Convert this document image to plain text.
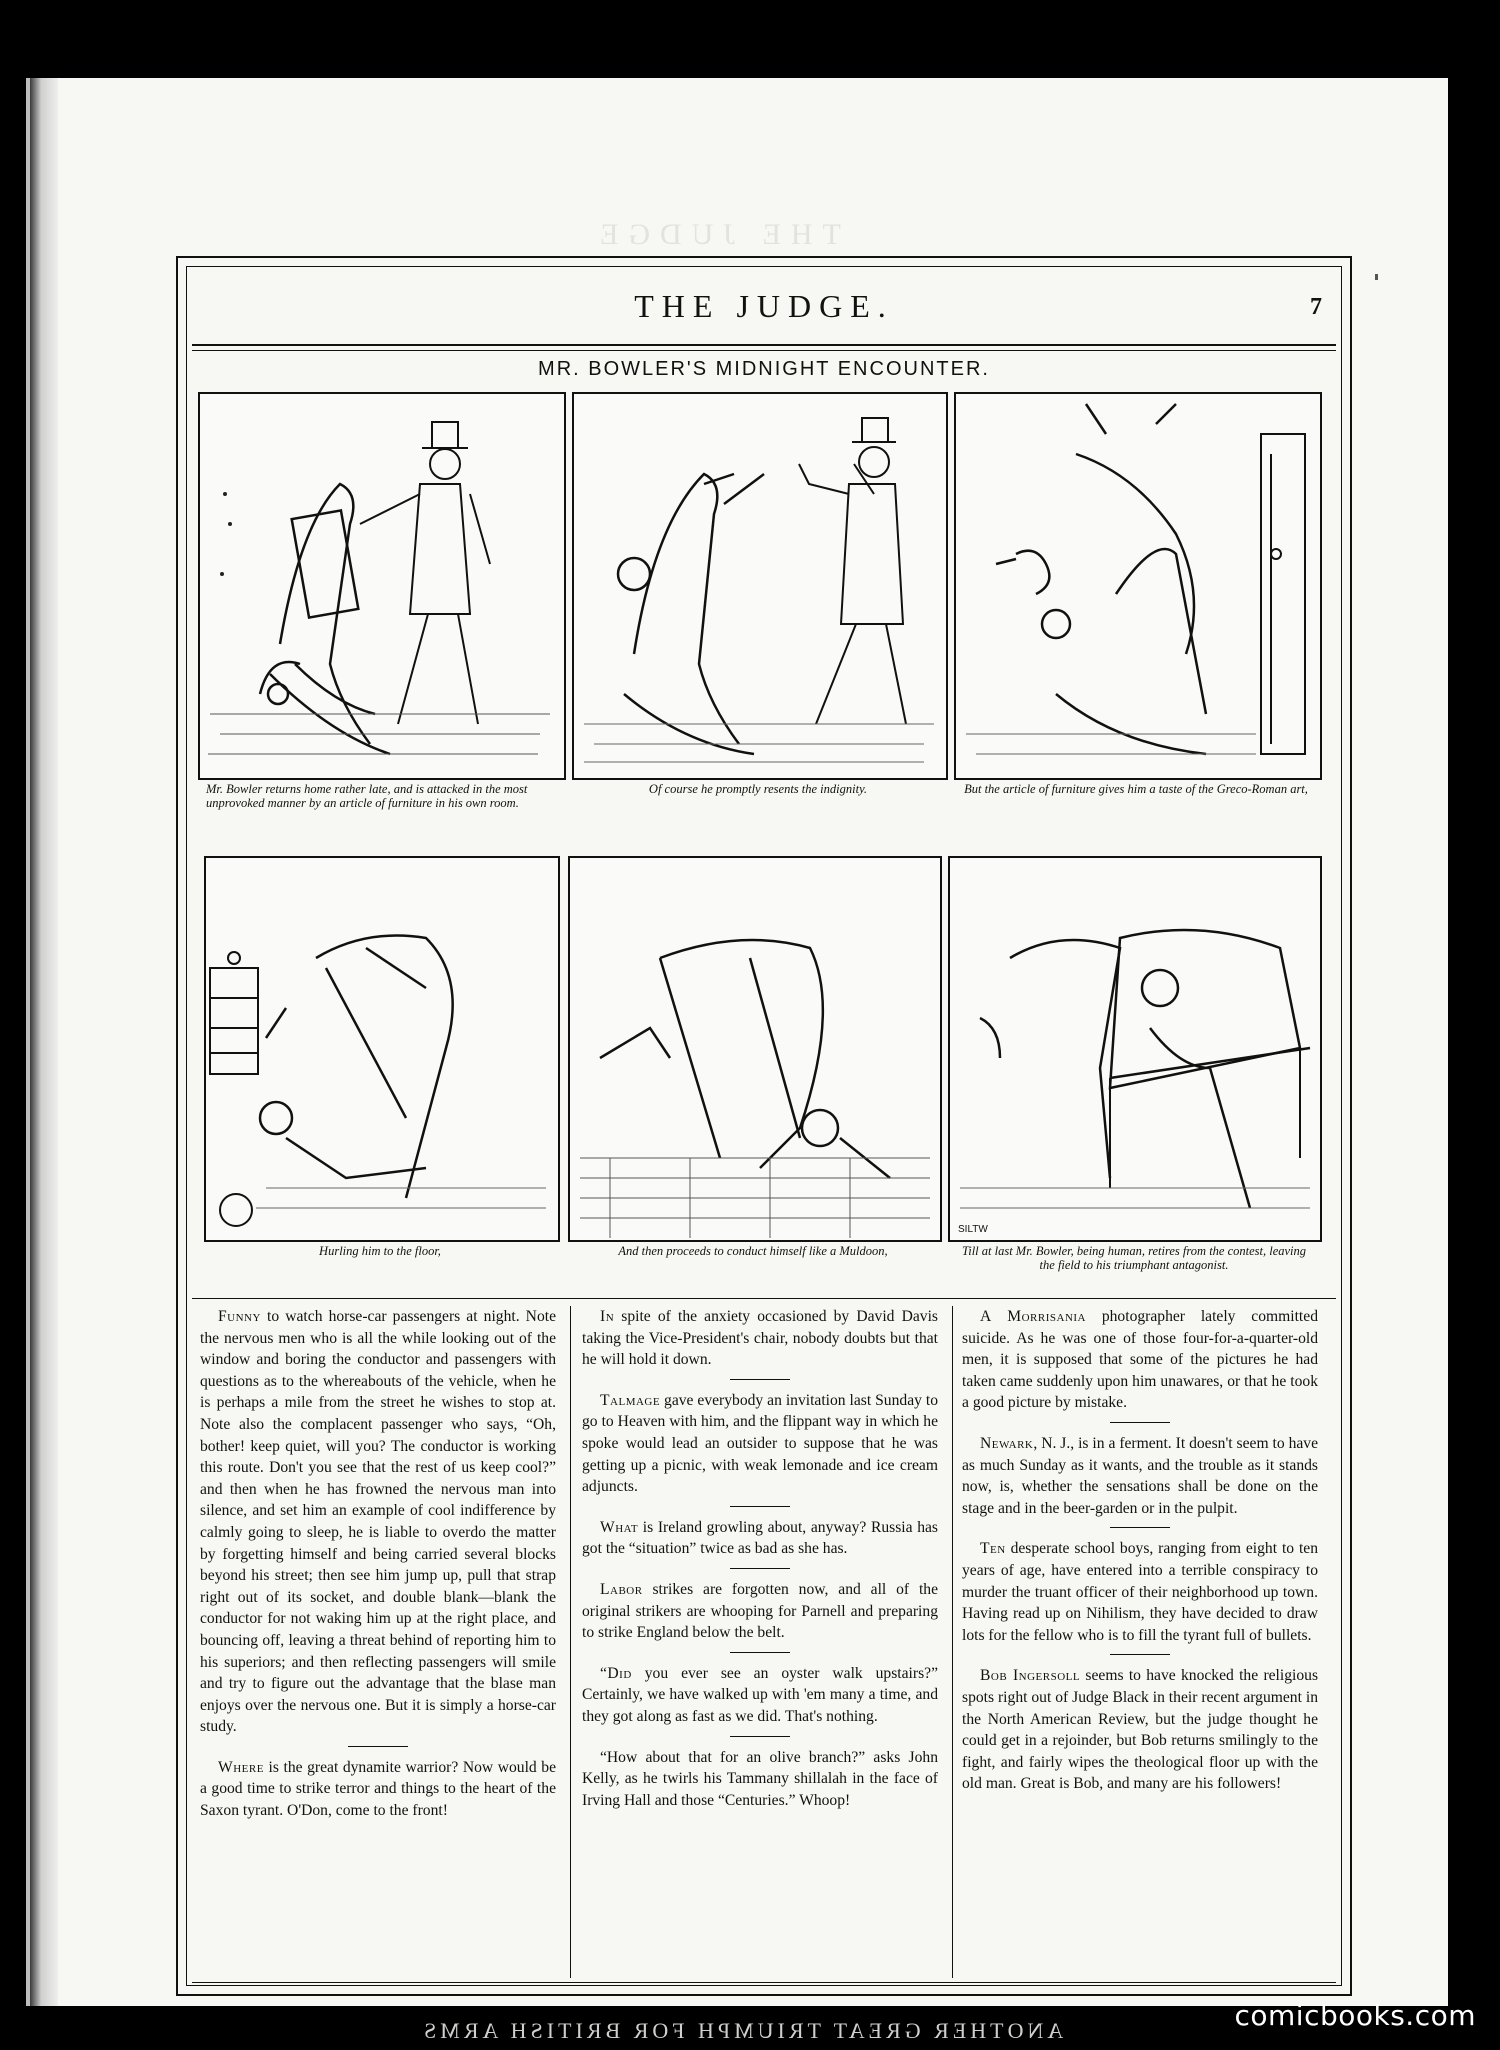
THE JUDGE
THE JUDGE.	7
MR. BOWLER'S MIDNIGHT ENCOUNTER.
Mr. Bowler returns home rather late, and is attacked in the most unprovoked manner by an article of furniture in his own room.
Of course he promptly resents the indignity.	But the article of furniture gives him a taste of the Greco-Roman art,
SILTW
Hurling him to the floor,	And then proceeds to conduct himself like a Muldoon,	Till at last Mr. Bowler, being human, retires from the contest, leaving the field to his triumphant antagonist.

Funny to watch horse-car passengers at night. Note the nervous men who is all the while looking out of the window and boring the conductor and passengers with questions as to the whereabouts of the vehicle, when he is perhaps a mile from the street he wishes to stop at. Note also the complacent passenger who says, “Oh, bother! keep quiet, will you? The conductor is working this route. Don't you see that the rest of us keep cool?” and then when he has frowned the nervous man into silence, and set him an example of cool indifference by calmly going to sleep, he is liable to overdo the matter by forgetting himself and being carried several blocks beyond his street; then see him jump up, pull that strap right out of its socket, and double blank—blank the conductor for not waking him up at the right place, and bouncing off, leaving a threat behind of reporting him to his superiors; and then reflecting passengers will smile and try to figure out the advantage that the blase man enjoys over the nervous one. But it is simply a horse-car study.

Where is the great dynamite warrior? Now would be a good time to strike terror and things to the heart of the Saxon tyrant. O'Don, come to the front!

In spite of the anxiety occasioned by David Davis taking the Vice-President's chair, nobody doubts but that he will hold it down.

Talmage gave everybody an invitation last Sunday to go to Heaven with him, and the flippant way in which he spoke would lead an outsider to suppose that he was getting up a picnic, with weak lemonade and ice cream adjuncts.

What is Ireland growling about, anyway? Russia has got the “situation” twice as bad as she has.

Labor strikes are forgotten now, and all of the original strikers are whooping for Parnell and preparing to strike England below the belt.

“Did you ever see an oyster walk upstairs?” Certainly, we have walked up with 'em many a time, and they got along as fast as we did. That's nothing.

“How about that for an olive branch?” asks John Kelly, as he twirls his Tammany shillalah in the face of Irving Hall and those “Centuries.” Whoop!

A Morrisania photographer lately committed suicide. As he was one of those four-for-a-quarter-old men, it is supposed that some of the pictures he had taken came suddenly upon him unawares, or that he took a good picture by mistake.

Newark, N. J., is in a ferment. It doesn't seem to have as much Sunday as it wants, and the trouble as it stands now, is, whether the sensations shall be done on the stage and in the beer-garden or in the pulpit.

Ten desperate school boys, ranging from eight to ten years of age, have entered into a terrible conspiracy to murder the truant officer of their neighborhood up town. Having read up on Nihilism, they have decided to draw lots for the fellow who is to fill the tyrant full of bullets.

Bob Ingersoll seems to have knocked the religious spots right out of Judge Black in their recent argument in the North American Review, but the judge thought he could get in a rejoinder, but Bob returns smilingly to the fight, and fairly wipes the theological floor up with the old man. Great is Bob, and many are his followers!

ANOTHER GREAT TRIUMPH FOR BRITISH ARMS	comicbooks.com
